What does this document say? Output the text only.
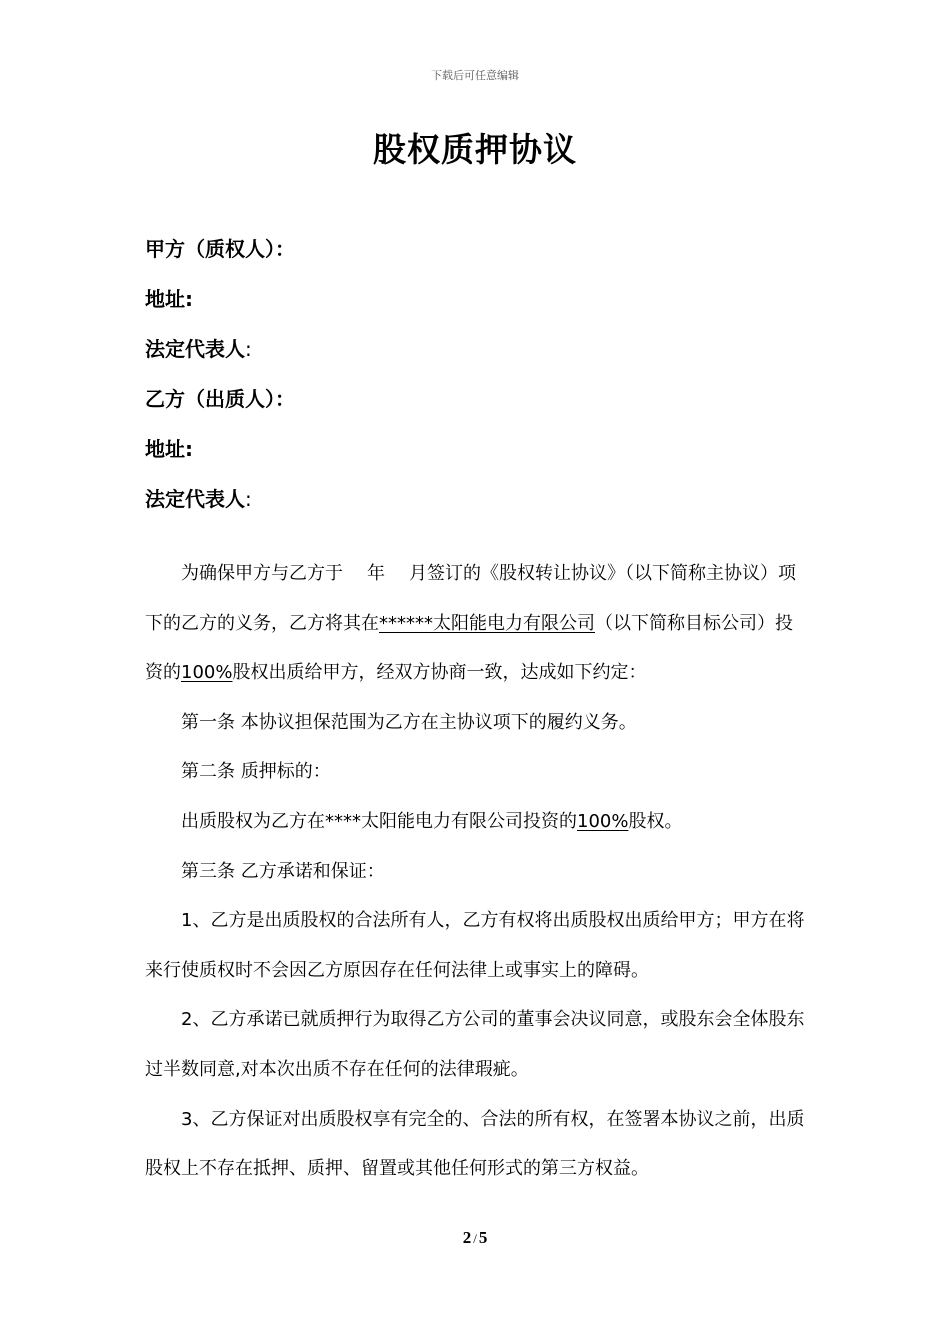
下载后可任意编辑
股权质押协议
甲方（质权人）：
地址:
法定代表人:
乙方（出质人）：
地址:
法定代表人:

为确保甲方与乙方于 年 月签订的《股权转让协议》（以下简称主协议）项下的乙方的义务，乙方将其在******太阳能电力有限公司（以下简称目标公司）投资的100%股权出质给甲方，经双方协商一致，达成如下约定：

第一条 本协议担保范围为乙方在主协议项下的履约义务。

第二条 质押标的：

出质股权为乙方在****太阳能电力有限公司投资的100%股权。

第三条 乙方承诺和保证：

1、乙方是出质股权的合法所有人，乙方有权将出质股权出质给甲方；甲方在将来行使质权时不会因乙方原因存在任何法律上或事实上的障碍。

2、乙方承诺已就质押行为取得乙方公司的董事会决议同意，或股东会全体股东过半数同意,对本次出质不存在任何的法律瑕疵。

3、乙方保证对出质股权享有完全的、合法的所有权，在签署本协议之前，出质股权上不存在抵押、质押、留置或其他任何形式的第三方权益。

2 / 5
